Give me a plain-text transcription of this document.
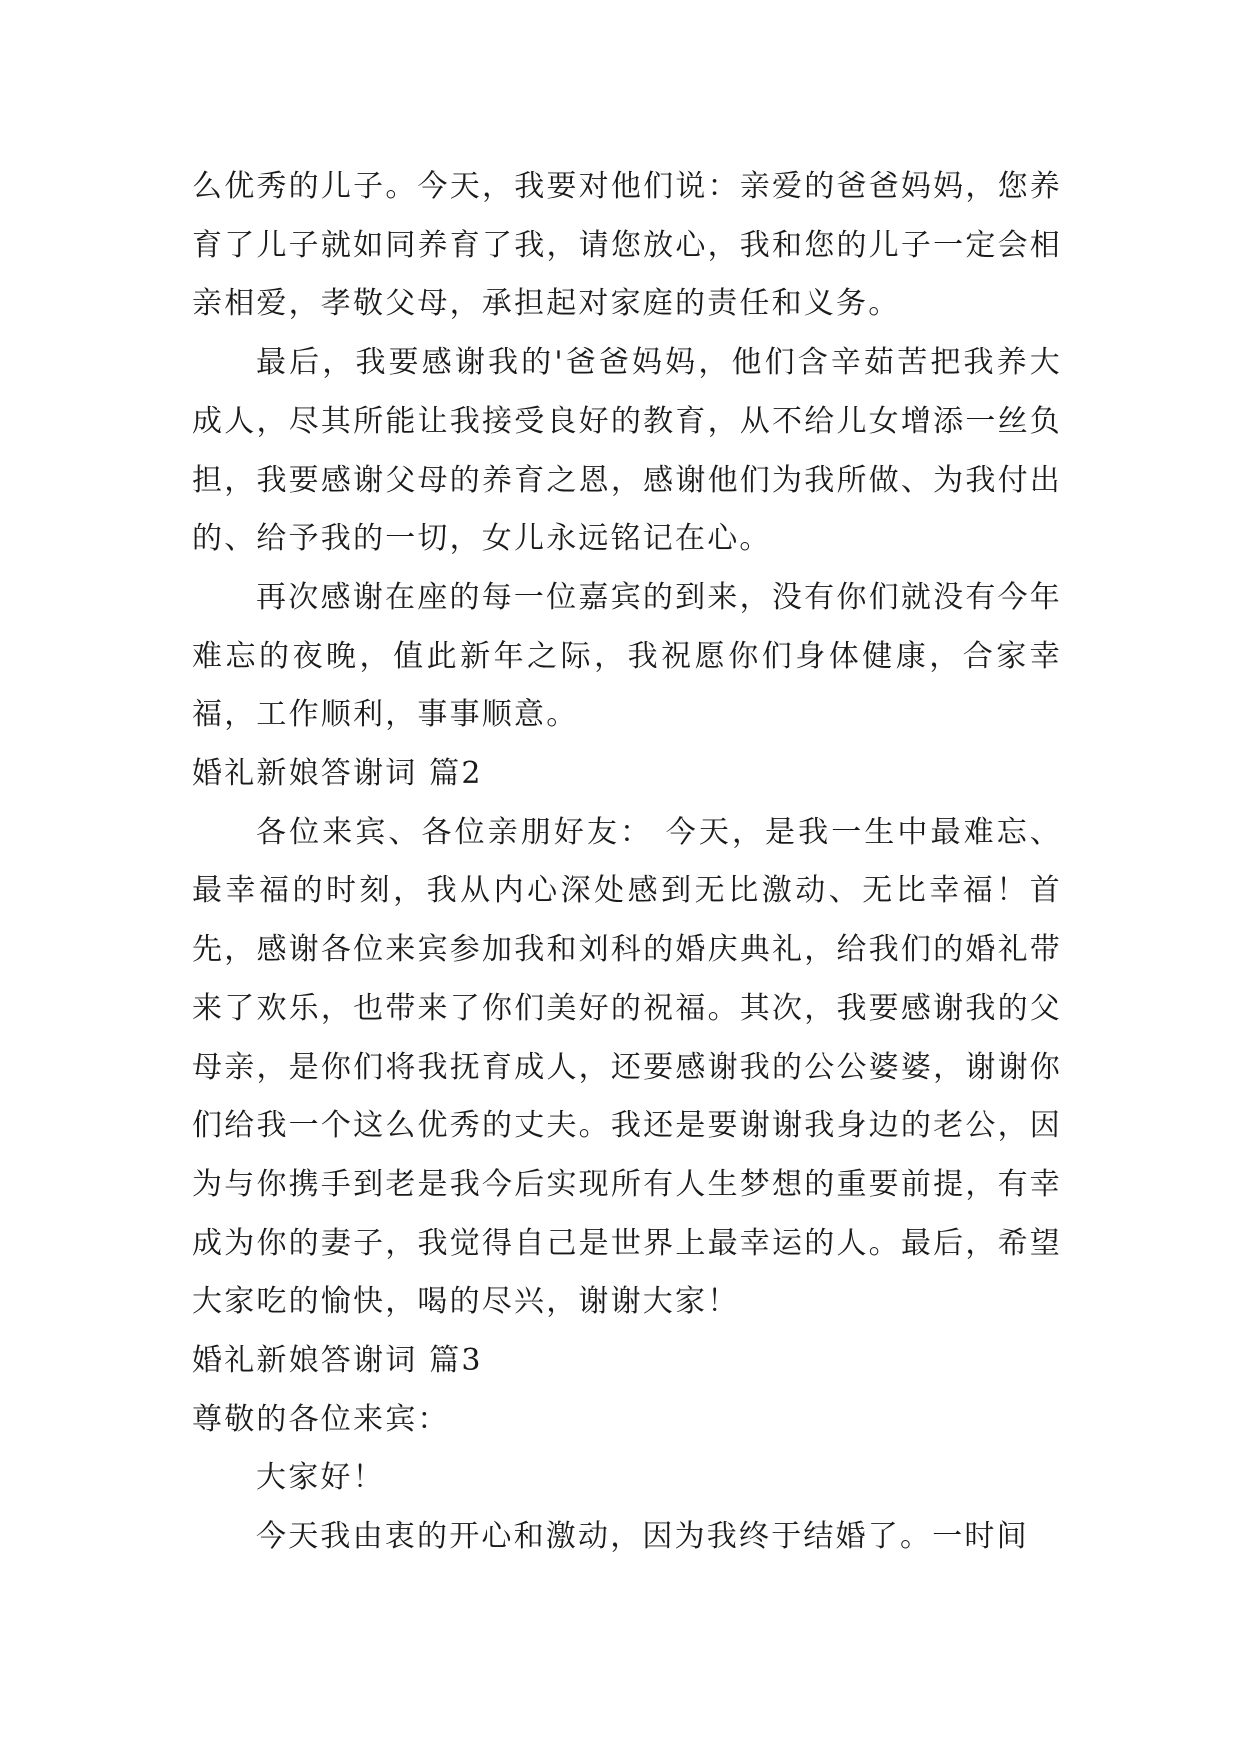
么优秀的儿子。今天，我要对他们说：亲爱的爸爸妈妈，您养育了儿子就如同养育了我，请您放心，我和您的儿子一定会相亲相爱，孝敬父母，承担起对家庭的责任和义务。

最后，我要感谢我的'爸爸妈妈，他们含辛茹苦把我养大成人，尽其所能让我接受良好的教育，从不给儿女增添一丝负担，我要感谢父母的养育之恩，感谢他们为我所做、为我付出的、给予我的一切，女儿永远铭记在心。

再次感谢在座的每一位嘉宾的到来，没有你们就没有今年难忘的夜晚，值此新年之际，我祝愿你们身体健康，合家幸福，工作顺利，事事顺意。

婚礼新娘答谢词 篇2

各位来宾、各位亲朋好友： 今天，是我一生中最难忘、最幸福的时刻，我从内心深处感到无比激动、无比幸福！首先，感谢各位来宾参加我和刘科的婚庆典礼，给我们的婚礼带来了欢乐，也带来了你们美好的祝福。其次，我要感谢我的父母亲，是你们将我抚育成人，还要感谢我的公公婆婆，谢谢你们给我一个这么优秀的丈夫。我还是要谢谢我身边的老公，因为与你携手到老是我今后实现所有人生梦想的重要前提，有幸成为你的妻子，我觉得自己是世界上最幸运的人。最后，希望大家吃的愉快，喝的尽兴，谢谢大家！

婚礼新娘答谢词 篇3

尊敬的各位来宾：

大家好！

今天我由衷的开心和激动，因为我终于结婚了。一时间
